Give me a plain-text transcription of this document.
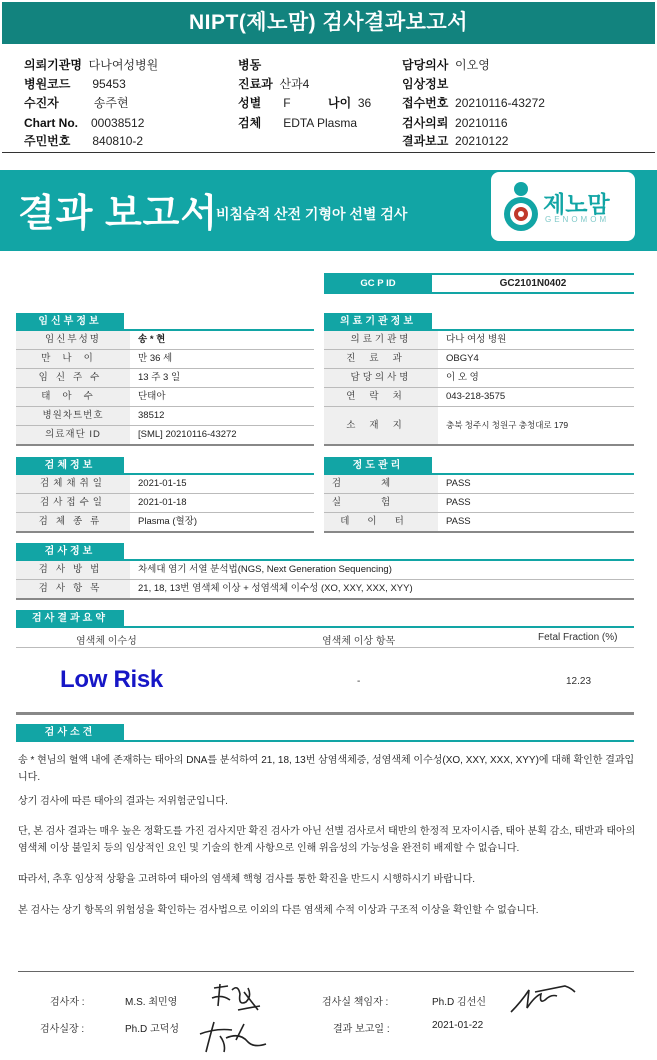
NIPT(제노맘) 검사결과보고서
의뢰기관명 다나여성병원
병원코드 95453
수진자	송주현
Chart No. 00038512
주민번호 840810-2
병동
진료과 산과4
성별 F	나이 36
검체 EDTA Plasma
담당의사 이오영
임상정보
접수번호 20210116-43272
검사의뢰 20210116
결과보고 20210122
결과 보고서
비침습적 산전 기형아 선별 검사	제노맘
GENOMOM
GC P ID	GC2101N0402
임신부정보
임신부성명	송 * 현
만나이	만 36 세
임신주수	13 주 3 일
태아수	단태아
병원차트번호	38512
의료재단 ID	[SML] 20210116-43272
의료기관정보
의료기관명	다나 여성 병원
진료과	OBGY4
담당의사명	이 오 영
연락처	043-218-3575
소재지	충북 청주시 청원구 충청대로 179
검체정보
검체채취일	2021-01-15
검사접수일	2021-01-18
검체종류	Plasma (혈장)
정도관리
검체	PASS
실험	PASS
데이터	PASS
검사정보
검사방법	차세대 염기 서열 분석법(NGS, Next Generation Sequencing)
검사항목	21, 18, 13번 염색체 이상 + 성염색체 이수성 (XO, XXY, XXX, XYY)
검사결과요약
염색체 이수성	염색체 이상 항목	Fetal Fraction (%)
Low Risk	-	12.23
검사소견
송 * 현님의 혈액 내에 존재하는 태아의 DNA를 분석하여 21, 18, 13번 삼염색체증, 성염색체 이수성(XO, XXY, XXX, XYY)에 대해 확인한 결과입니다.
상기 검사에 따른 태아의 결과는 저위험군입니다.
단, 본 검사 결과는 매우 높은 정확도를 가진 검사지만 확진 검사가 아닌 선별 검사로서 태반의 한정적 모자이시즘, 태아 분획 감소, 태반과 태아의 염색체 이상 불일치 등의 임상적인 요인 및 기술의 한계 사항으로 인해 위음성의 가능성을 완전히 배제할 수 없습니다.
따라서, 추후 임상적 상황을 고려하여 태아의 염색체 핵형 검사를 통한 확진을 반드시 시행하시기 바랍니다.
본 검사는 상기 항목의 위험성을 확인하는 검사법으로 이외의 다른 염색체 수적 이상과 구조적 이상을 확인할 수 없습니다.
검사자 :	M.S. 최민영	검사실 책임자 :	Ph.D 김선신
검사실장 :	Ph.D 고덕성	결과 보고일 :	2021-01-22
